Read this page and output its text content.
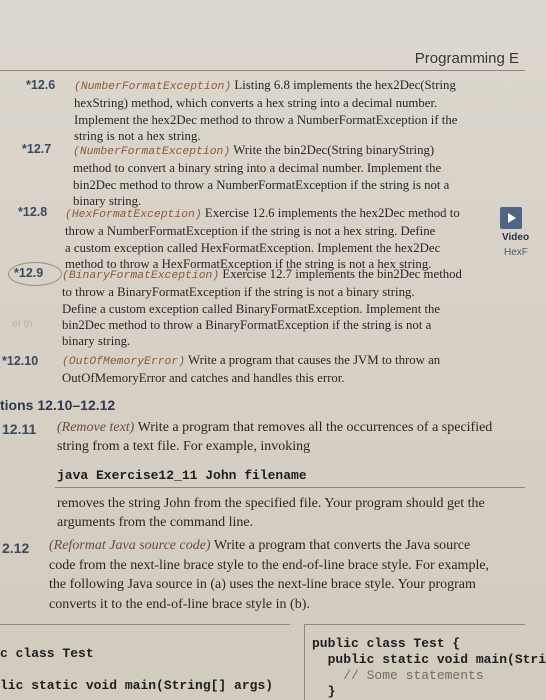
Programming E
*12.6 (NumberFormatException) Listing 6.8 implements the hex2Dec(String
hexString) method, which converts a hex string into a decimal number.
Implement the hex2Dec method to throw a NumberFormatException if the
string is not a hex string.
*12.7 (NumberFormatException) Write the bin2Dec(String binaryString)
method to convert a binary string into a decimal number. Implement the
bin2Dec method to throw a NumberFormatException if the string is not a
binary string.
*12.8 (HexFormatException) Exercise 12.6 implements the hex2Dec method to
throw a NumberFormatException if the string is not a hex string. Define
a custom exception called HexFormatException. Implement the hex2Dec
method to throw a HexFormatException if the string is not a hex string.
Video
HexF
*12.9 (BinaryFormatException) Exercise 12.7 implements the bin2Dec method
to throw a BinaryFormatException if the string is not a binary string.
Define a custom exception called BinaryFormatException. Implement the
bin2Dec method to throw a BinaryFormatException if the string is not a
binary string.
el th
*12.10 (OutOfMemoryError) Write a program that causes the JVM to throw an
OutOfMemoryError and catches and handles this error.
tions 12.10–12.12
12.11 (Remove text) Write a program that removes all the occurrences of a specified
string from a text file. For example, invoking
java Exercise12_11 John filename
removes the string John from the specified file. Your program should get the
arguments from the command line.
2.12 (Reformat Java source code) Write a program that converts the Java source
code from the next-line brace style to the end-of-line brace style. For example,
the following Java source in (a) uses the next-line brace style. Your program
converts it to the end-of-line brace style in (b).
c class Test
lic static void main(String[] args)
public class Test {
public static void main(Stri
// Some statements
}
